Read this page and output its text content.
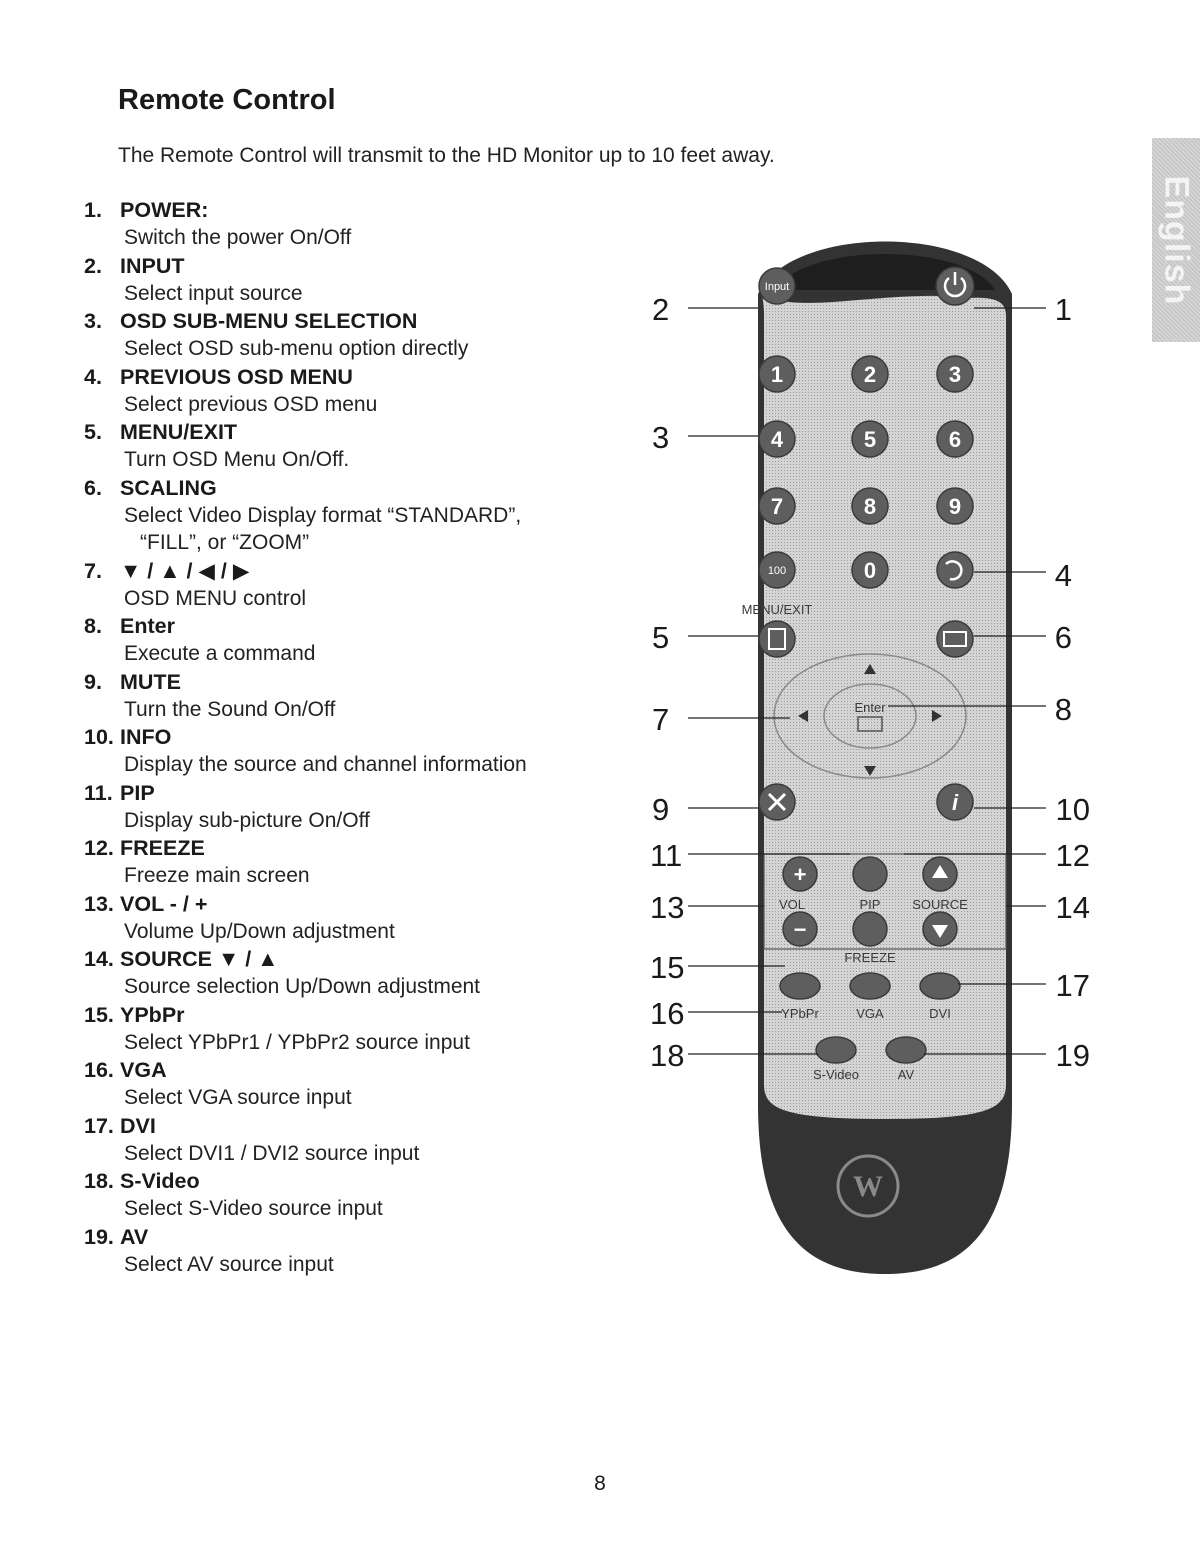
Remote Control

The Remote Control will transmit to the HD Monitor up to 10 feet away.

1. POWER:
Switch the power On/Off
2. INPUT
Select input source
3. OSD SUB-MENU SELECTION
Select OSD sub-menu option directly
4. PREVIOUS OSD MENU
Select previous OSD menu
5. MENU/EXIT
Turn OSD Menu On/Off.
6. SCALING
Select Video Display format “STANDARD”,
“FILL”, or “ZOOM”
7. ▼ / ▲ / ◀ / ▶
OSD MENU control
8. Enter
Execute a command
9. MUTE
Turn the Sound On/Off
10. INFO
Display the source and channel information
11. PIP
Display sub-picture On/Off
12. FREEZE
Freeze main screen
13. VOL - / +
Volume Up/Down adjustment
14. SOURCE ▼ / ▲
Source selection Up/Down adjustment
15. YPbPr
Select YPbPr1 / YPbPr2 source input
16. VGA
Select VGA source input
17. DVI
Select DVI1 / DVI2 source input
18. S-Video
Select S-Video source input
19. AV
Select AV source input
English
W
Input
1	2	3
4	5	6
7	8	9
100	0
Enter
i
+
−
MENU/EXIT
VOL	PIP SOURCE
FREEZE
YPbPr	VGA	DVI
S-Video	AV
1
2
3
4
5	6
7	8
9	10
11	12
13	14
15
16
17
18	19
8
